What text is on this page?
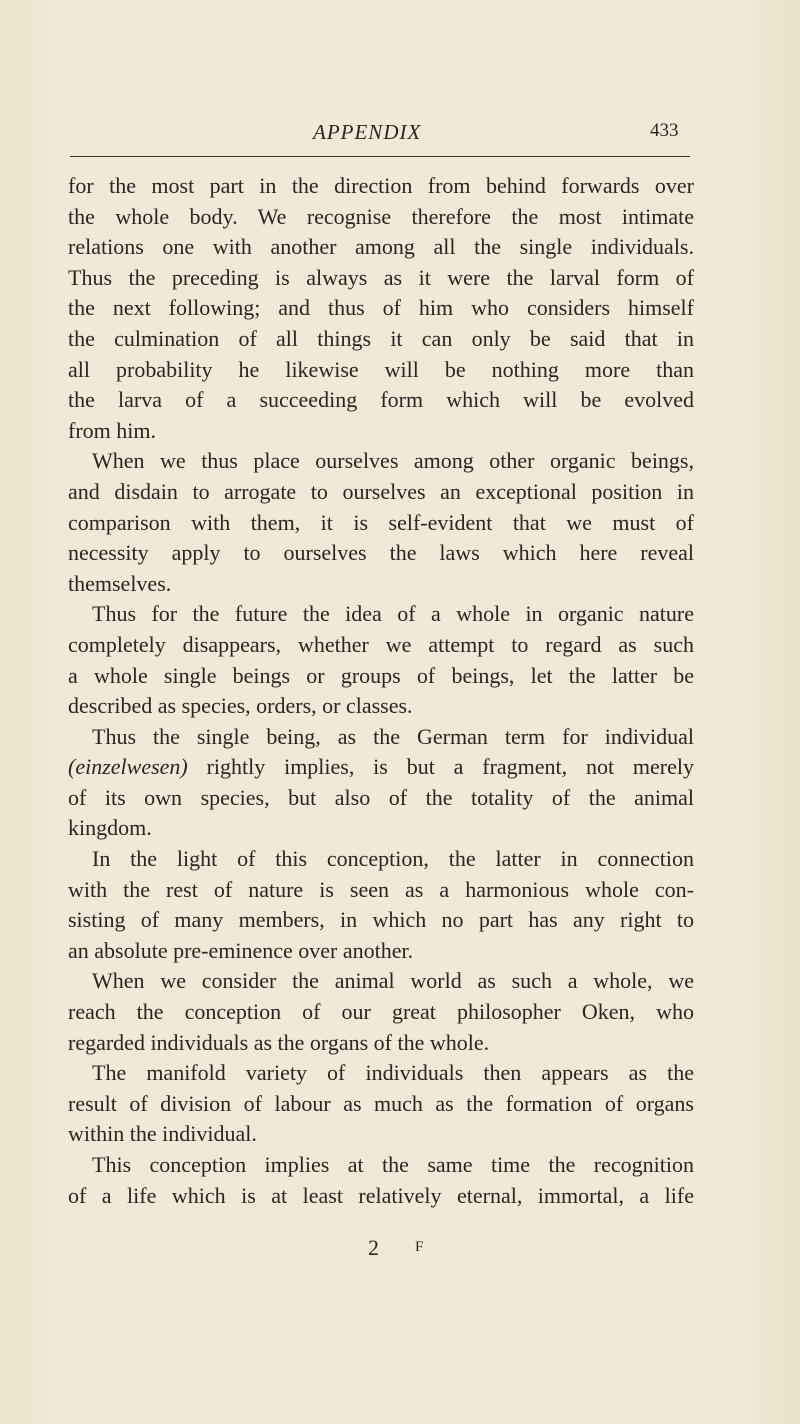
APPENDIX	433
for the most part in the direction from behind forwards over
the whole body. We recognise therefore the most intimate
relations one with another among all the single individuals.
Thus the preceding is always as it were the larval form of
the next following; and thus of him who considers himself
the culmination of all things it can only be said that in
all probability he likewise will be nothing more than
the larva of a succeeding form which will be evolved
from him.
When we thus place ourselves among other organic beings,
and disdain to arrogate to ourselves an exceptional position in
comparison with them, it is self-evident that we must of
necessity apply to ourselves the laws which here reveal
themselves.
Thus for the future the idea of a whole in organic nature
completely disappears, whether we attempt to regard as such
a whole single beings or groups of beings, let the latter be
described as species, orders, or classes.
Thus the single being, as the German term for individual
(einzelwesen) rightly implies, is but a fragment, not merely
of its own species, but also of the totality of the animal
kingdom.
In the light of this conception, the latter in connection
with the rest of nature is seen as a harmonious whole con-
sisting of many members, in which no part has any right to
an absolute pre-eminence over another.
When we consider the animal world as such a whole, we
reach the conception of our great philosopher Oken, who
regarded individuals as the organs of the whole.
The manifold variety of individuals then appears as the
result of division of labour as much as the formation of organs
within the individual.
This conception implies at the same time the recognition
of a life which is at least relatively eternal, immortal, a life
2 F
